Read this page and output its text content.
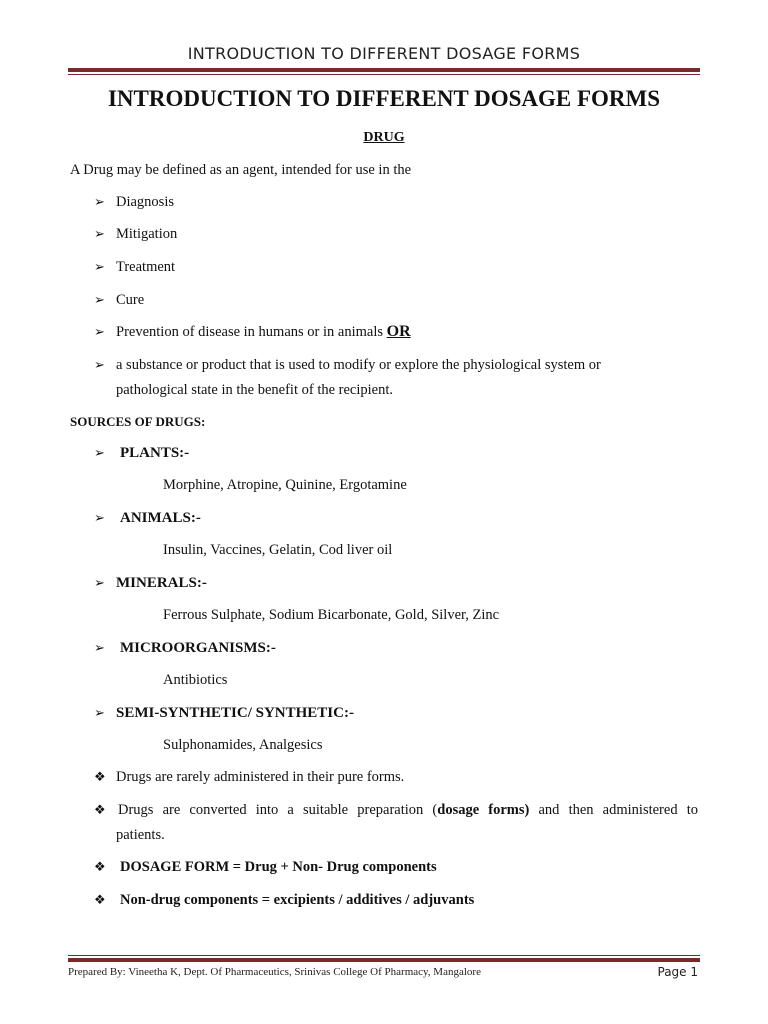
INTRODUCTION TO DIFFERENT DOSAGE FORMS
INTRODUCTION TO DIFFERENT DOSAGE FORMS
DRUG
A Drug may be defined as an agent, intended for use in the
➢ Diagnosis
➢ Mitigation
➢ Treatment
➢ Cure
➢ Prevention of disease in humans or in animals OR
➢ a substance or product that is used to modify or explore the physiological system or
pathological state in the benefit of the recipient.
SOURCES OF DRUGS:
➢ PLANTS:-
Morphine, Atropine, Quinine, Ergotamine
➢ ANIMALS:-
Insulin, Vaccines, Gelatin, Cod liver oil
➢ MINERALS:-
Ferrous Sulphate, Sodium Bicarbonate, Gold, Silver, Zinc
➢ MICROORGANISMS:-
Antibiotics
➢ SEMI-SYNTHETIC/ SYNTHETIC:-
Sulphonamides, Analgesics
❖ Drugs are rarely administered in their pure forms.
❖ Drugs are converted into a suitable preparation (dosage forms) and then administered to
patients.
❖ DOSAGE FORM = Drug + Non- Drug components
❖ Non-drug components = excipients / additives / adjuvants
Prepared By: Vineetha K, Dept. Of Pharmaceutics, Srinivas College Of Pharmacy, Mangalore	Page 1
